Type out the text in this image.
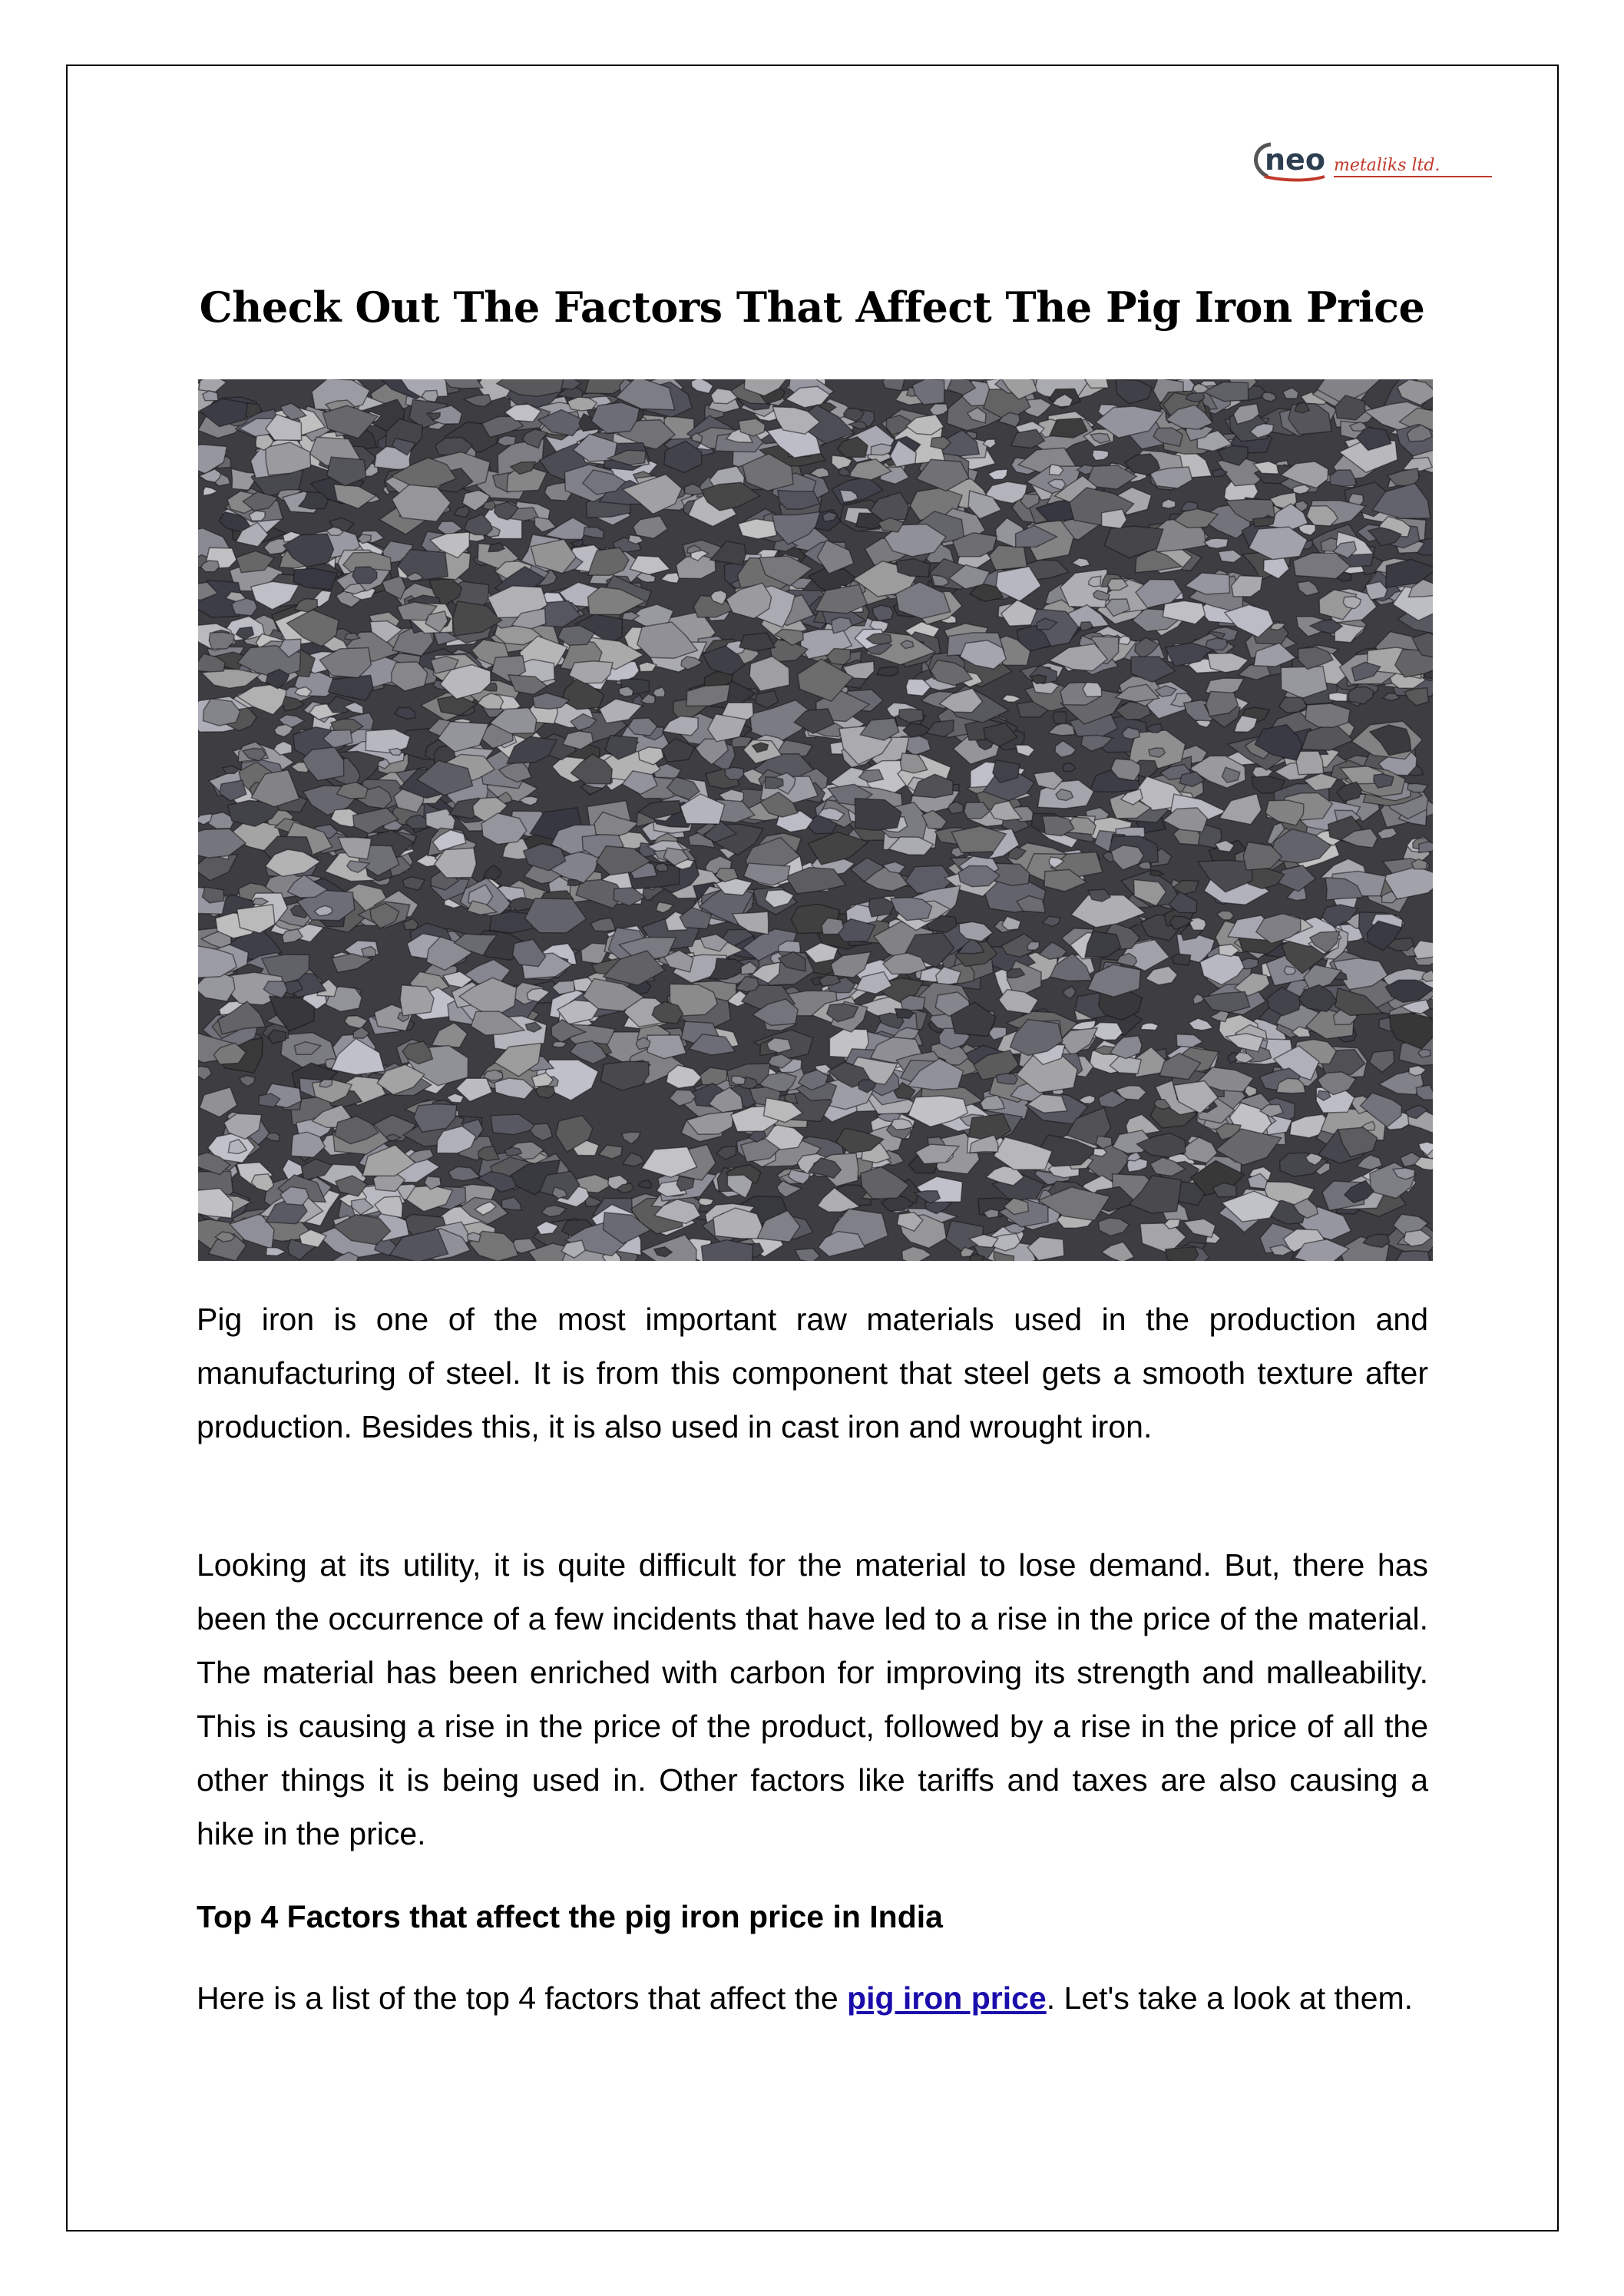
neo metaliks ltd.
Check Out The Factors That Affect The Pig Iron Price

Pig iron is one of the most important raw materials used in the production and manufacturing of steel. It is from this component that steel gets a smooth texture after production. Besides this, it is also used in cast iron and wrought iron.

Looking at its utility, it is quite difficult for the material to lose demand. But, there has been the occurrence of a few incidents that have led to a rise in the price of the material. The material has been enriched with carbon for improving its strength and malleability. This is causing a rise in the price of the product, followed by a rise in the price of all the other things it is being used in. Other factors like tariffs and taxes are also causing a hike in the price.

Top 4 Factors that affect the pig iron price in India

Here is a list of the top 4 factors that affect the pig iron price. Let's take a look at them.
